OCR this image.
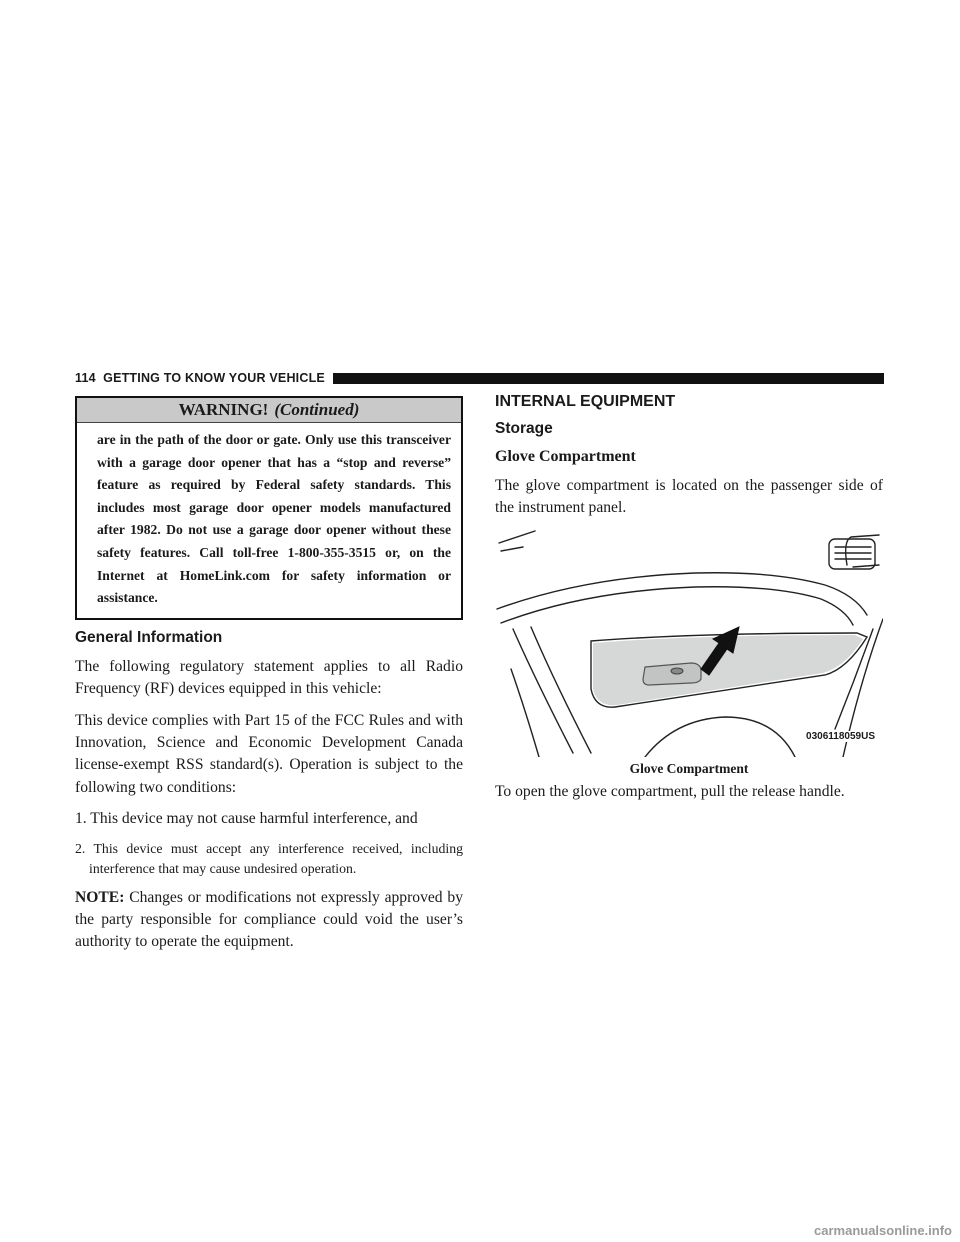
114 GETTING TO KNOW YOUR VEHICLE
WARNING! (Continued)
are in the path of the door or gate. Only use this transceiver with a garage door opener that has a “stop and reverse” feature as required by Federal safety standards. This includes most garage door opener models manufactured after 1982. Do not use a garage door opener without these safety features. Call toll-free 1-800-355-3515 or, on the Internet at HomeLink.com for safety information or assistance.
General Information

The following regulatory statement applies to all Radio Frequency (RF) devices equipped in this vehicle:

This device complies with Part 15 of the FCC Rules and with Innovation, Science and Economic Development Canada license-exempt RSS standard(s). Operation is subject to the following two conditions:

1. This device may not cause harmful interference, and
2. This device must accept any interference received, including interference that may cause undesired operation.

NOTE: Changes or modifications not expressly approved by the party responsible for compliance could void the user’s authority to operate the equipment.

INTERNAL EQUIPMENT
Storage
Glove Compartment

The glove compartment is located on the passenger side of the instrument panel.

0306118059US
Glove Compartment

To open the glove compartment, pull the release handle.

carmanualsonline.info
